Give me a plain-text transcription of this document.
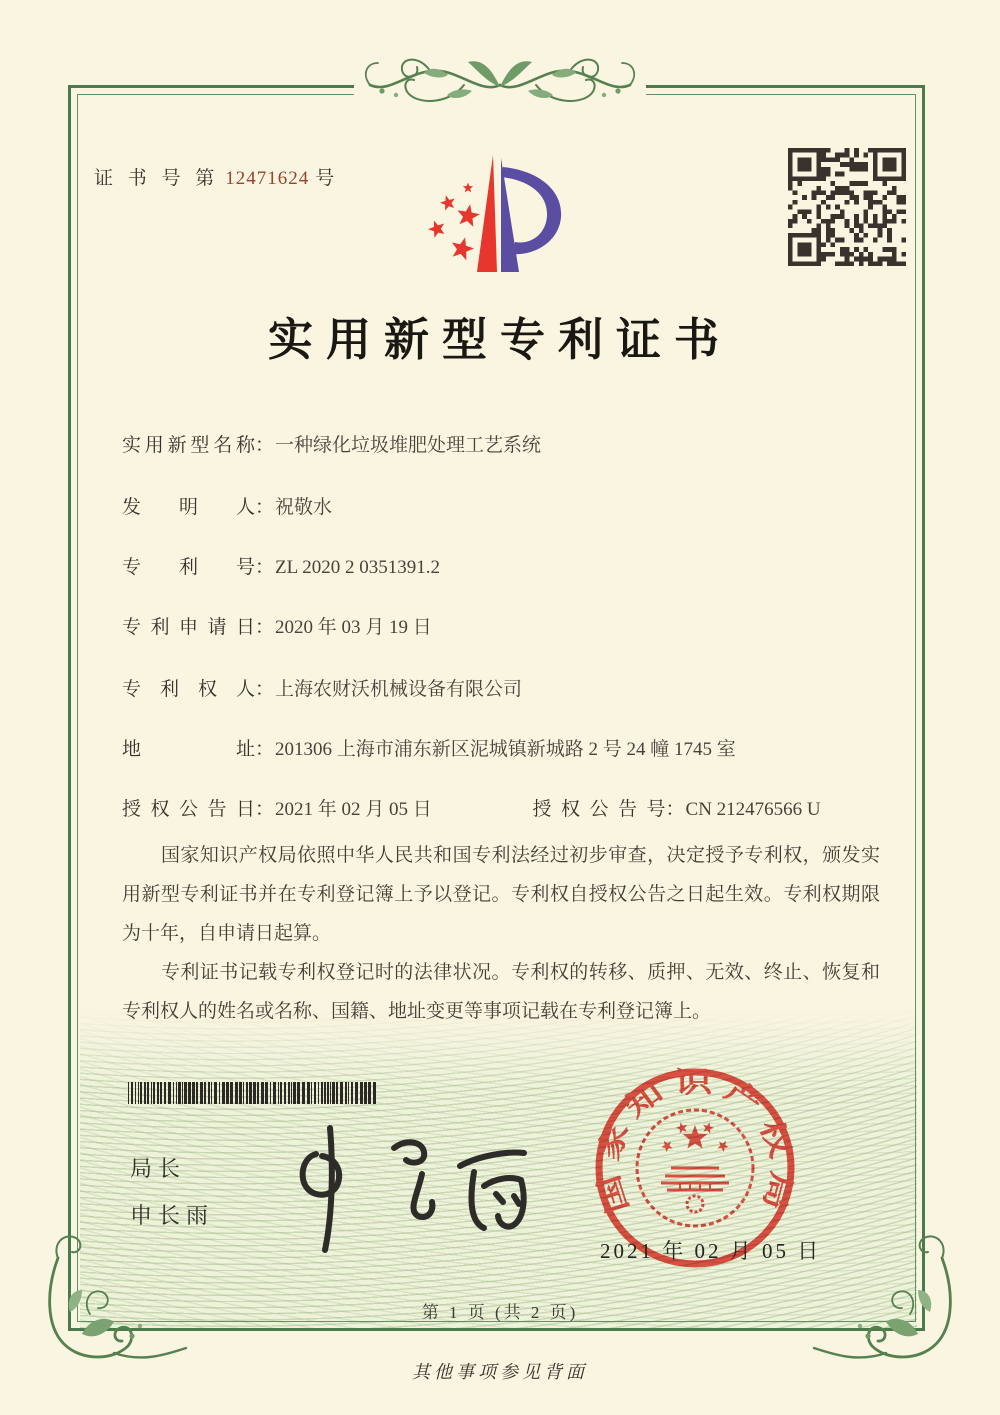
证 书 号 第 12471624 号
实用新型专利证书
实用新型名称：一种绿化垃圾堆肥处理工艺系统
发明人：祝敬水
专利号：ZL 2020 2 0351391.2
专利申请日：2020 年 03 月 19 日
专利权人：上海农财沃机械设备有限公司
地址：201306 上海市浦东新区泥城镇新城路 2 号 24 幢 1745 室
授权公告日：2021 年 02 月 05 日	授权公告号：CN 212476566 U

国家知识产权局依照中华人民共和国专利法经过初步审查，决定授予专利权，颁发实用新型专利证书并在专利登记簿上予以登记。专利权自授权公告之日起生效。专利权期限为十年，自申请日起算。

专利证书记载专利权登记时的法律状况。专利权的转移、质押、无效、终止、恢复和专利权人的姓名或名称、国籍、地址变更等事项记载在专利登记簿上。

局长
申长雨	国 家 知 识 产 权 局
2021 年 02 月 05 日
第 1 页 (共 2 页)
其他事项参见背面
